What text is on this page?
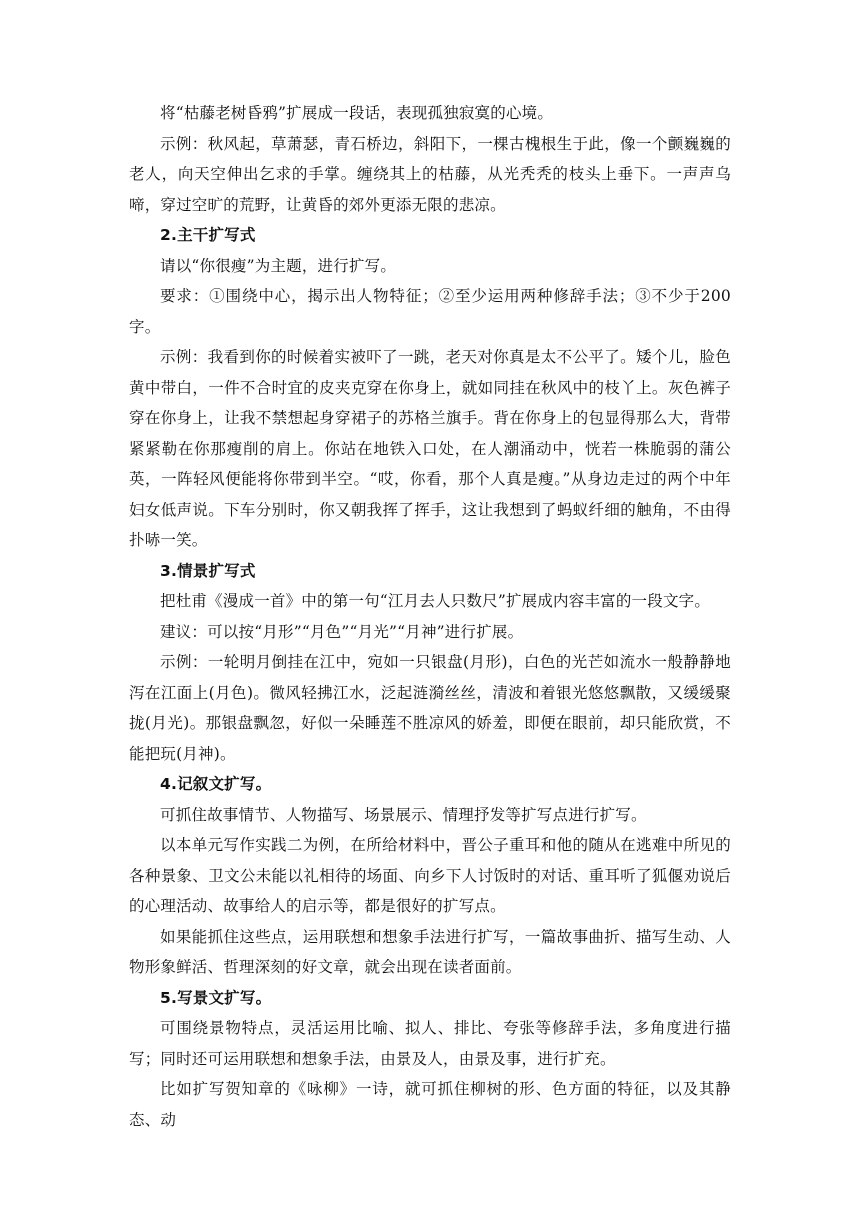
将“枯藤老树昏鸦”扩展成一段话，表现孤独寂寞的心境。

示例：秋风起，草萧瑟，青石桥边，斜阳下，一棵古槐根生于此，像一个颤巍巍的老人，向天空伸出乞求的手掌。缠绕其上的枯藤，从光秃秃的枝头上垂下。一声声乌啼，穿过空旷的荒野，让黄昏的郊外更添无限的悲凉。

2.主干扩写式

请以“你很瘦”为主题，进行扩写。

要求：①围绕中心，揭示出人物特征；②至少运用两种修辞手法；③不少于200字。

示例：我看到你的时候着实被吓了一跳，老天对你真是太不公平了。矮个儿，脸色黄中带白，一件不合时宜的皮夹克穿在你身上，就如同挂在秋风中的枝丫上。灰色裤子穿在你身上，让我不禁想起身穿裙子的苏格兰旗手。背在你身上的包显得那么大，背带紧紧勒在你那瘦削的肩上。你站在地铁入口处，在人潮涌动中，恍若一株脆弱的蒲公英，一阵轻风便能将你带到半空。“哎，你看，那个人真是瘦。”从身边走过的两个中年妇女低声说。下车分别时，你又朝我挥了挥手，这让我想到了蚂蚁纤细的触角，不由得扑哧一笑。

3.情景扩写式

把杜甫《漫成一首》中的第一句“江月去人只数尺”扩展成内容丰富的一段文字。

建议：可以按“月形”“月色”“月光”“月神”进行扩展。

示例：一轮明月倒挂在江中，宛如一只银盘(月形)，白色的光芒如流水一般静静地泻在江面上(月色)。微风轻拂江水，泛起涟漪丝丝，清波和着银光悠悠飘散，又缓缓聚拢(月光)。那银盘飘忽，好似一朵睡莲不胜凉风的娇羞，即便在眼前，却只能欣赏，不能把玩(月神)。

4.记叙文扩写。

可抓住故事情节、人物描写、场景展示、情理抒发等扩写点进行扩写。

以本单元写作实践二为例，在所给材料中，晋公子重耳和他的随从在逃难中所见的各种景象、卫文公未能以礼相待的场面、向乡下人讨饭时的对话、重耳听了狐偃劝说后的心理活动、故事给人的启示等，都是很好的扩写点。

如果能抓住这些点，运用联想和想象手法进行扩写，一篇故事曲折、描写生动、人物形象鲜活、哲理深刻的好文章，就会出现在读者面前。

5.写景文扩写。

可围绕景物特点，灵活运用比喻、拟人、排比、夸张等修辞手法，多角度进行描写；同时还可运用联想和想象手法，由景及人，由景及事，进行扩充。

比如扩写贺知章的《咏柳》一诗，就可抓住柳树的形、色方面的特征，以及其静态、动
